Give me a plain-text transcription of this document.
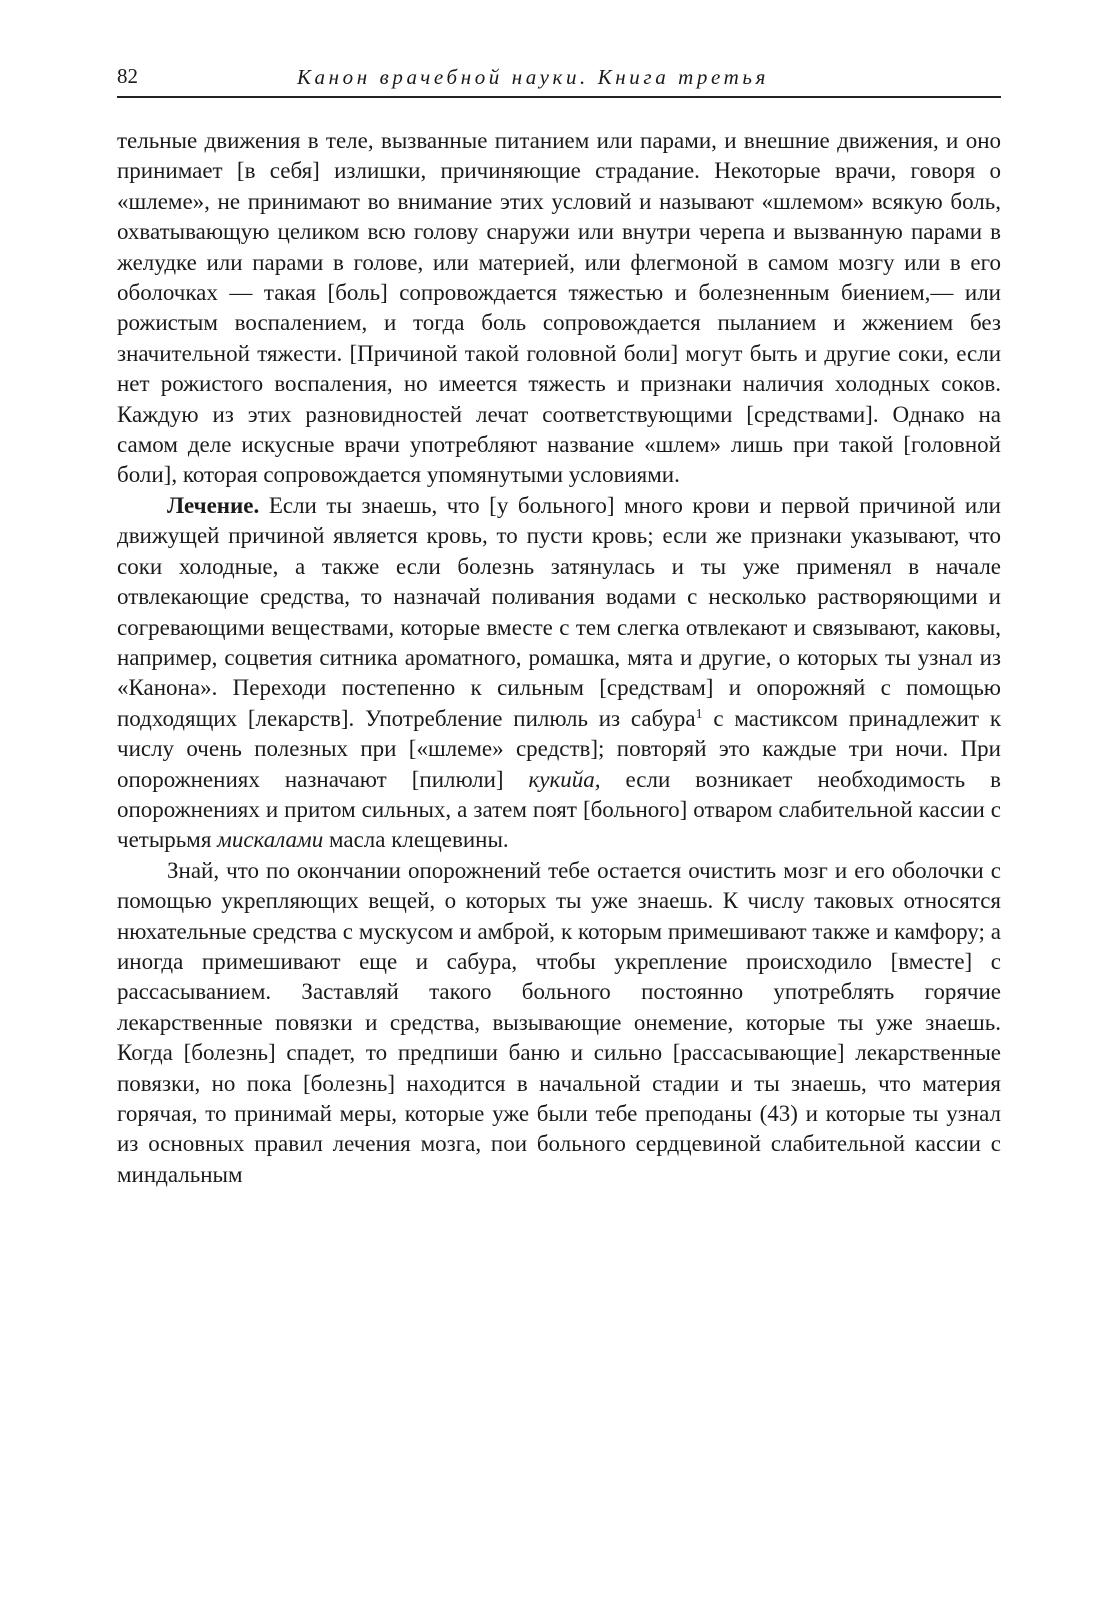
82	Канон врачебной науки. Книга третья

тельные движения в теле, вызванные питанием или парами, и внешние движения, и оно принимает [в себя] излишки, причиняющие страдание. Некоторые врачи, говоря о «шлеме», не принимают во внимание этих условий и называют «шлемом» всякую боль, охватывающую целиком всю голову снаружи или внутри черепа и вызванную парами в желудке или парами в голове, или материей, или флегмоной в самом мозгу или в его оболочках — такая [боль] сопровождается тяжестью и болезненным биением,— или рожистым воспалением, и тогда боль сопровождается пыланием и жжением без значительной тяжести. [Причиной такой головной боли] могут быть и другие соки, если нет рожистого воспаления, но имеется тяжесть и признаки наличия холодных соков. Каждую из этих разновидностей лечат соответствующими [средствами]. Однако на самом деле искусные врачи употребляют название «шлем» лишь при такой [головной боли], которая сопровождается упомянутыми условиями.

Лечение. Если ты знаешь, что [у больного] много крови и первой причиной или движущей причиной является кровь, то пусти кровь; если же признаки указывают, что соки холодные, а также если болезнь затянулась и ты уже применял в начале отвлекающие средства, то назначай поливания водами с несколько растворяющими и согревающими веществами, которые вместе с тем слегка отвлекают и связывают, каковы, например, соцветия ситника ароматного, ромашка, мята и другие, о которых ты узнал из «Канона». Переходи постепенно к сильным [средствам] и опорожняй с помощью подходящих [лекарств]. Употребление пилюль из сабура$^1$ с мастиксом принадлежит к числу очень полезных при [«шлеме» средств]; повторяй это каждые три ночи. При опорожнениях назначают [пилюли] кукийа, если возникает необходимость в опорожнениях и притом сильных, а затем поят [больного] отваром слабительной кассии с четырьмя мискалами масла клещевины.

Знай, что по окончании опорожнений тебе остается очистить мозг и его оболочки с помощью укрепляющих вещей, о которых ты уже знаешь. К числу таковых относятся нюхательные средства с мускусом и амброй, к которым примешивают также и камфору; а иногда примешивают еще и сабура, чтобы укрепление происходило [вместе] с рассасыванием. Заставляй такого больного постоянно употреблять горячие лекарственные повязки и средства, вызывающие онемение, которые ты уже знаешь. Когда [болезнь] спадет, то предпиши баню и сильно [рассасывающие] лекарственные повязки, но пока [болезнь] находится в начальной стадии и ты знаешь, что материя горячая, то принимай меры, которые уже были тебе преподаны (43) и которые ты узнал из основных правил лечения мозга, пои больного сердцевиной слабительной кассии с миндальным
